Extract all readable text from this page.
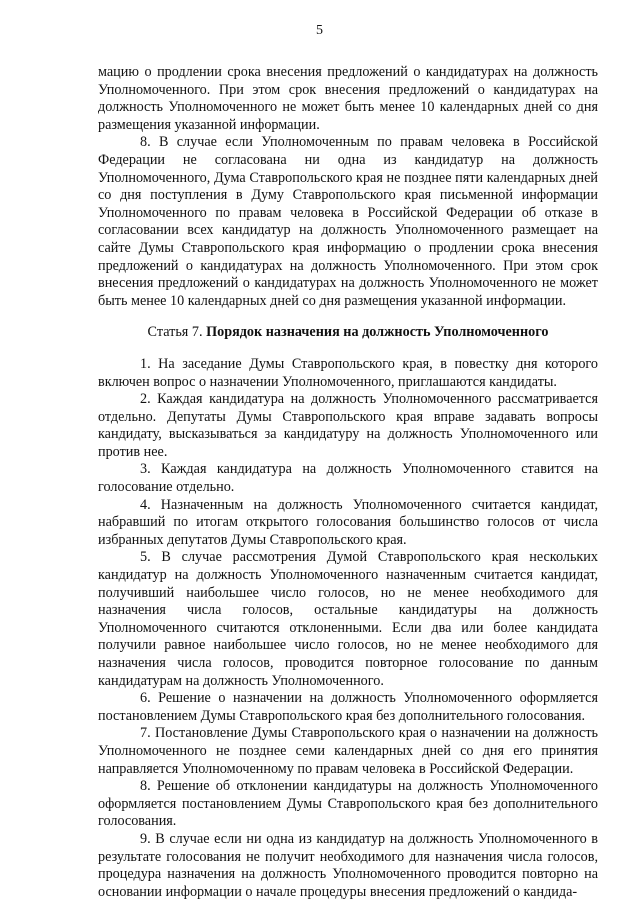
5

мацию о продлении срока внесения предложений о кандидатурах на должность Уполномоченного. При этом срок внесения предложений о кандидатурах на должность Уполномоченного не может быть менее 10 календарных дней со дня размещения указанной информации.

8. В случае если Уполномоченным по правам человека в Российской Федерации не согласована ни одна из кандидатур на должность Уполномоченного, Дума Ставропольского края не позднее пяти календарных дней со дня поступления в Думу Ставропольского края письменной информации Уполномоченного по правам человека в Российской Федерации об отказе в согласовании всех кандидатур на должность Уполномоченного размещает на сайте Думы Ставропольского края информацию о продлении срока внесения предложений о кандидатурах на должность Уполномоченного. При этом срок внесения предложений о кандидатурах на должность Уполномоченного не может быть менее 10 календарных дней со дня размещения указанной информации.

Статья 7. Порядок назначения на должность Уполномоченного

1. На заседание Думы Ставропольского края, в повестку дня которого включен вопрос о назначении Уполномоченного, приглашаются кандидаты.

2. Каждая кандидатура на должность Уполномоченного рассматривается отдельно. Депутаты Думы Ставропольского края вправе задавать вопросы кандидату, высказываться за кандидатуру на должность Уполномоченного или против нее.

3. Каждая кандидатура на должность Уполномоченного ставится на голосование отдельно.

4. Назначенным на должность Уполномоченного считается кандидат, набравший по итогам открытого голосования большинство голосов от числа избранных депутатов Думы Ставропольского края.

5. В случае рассмотрения Думой Ставропольского края нескольких кандидатур на должность Уполномоченного назначенным считается кандидат, получивший наибольшее число голосов, но не менее необходимого для назначения числа голосов, остальные кандидатуры на должность Уполномоченного считаются отклоненными. Если два или более кандидата получили равное наибольшее число голосов, но не менее необходимого для назначения числа голосов, проводится повторное голосование по данным кандидатурам на должность Уполномоченного.

6. Решение о назначении на должность Уполномоченного оформляется постановлением Думы Ставропольского края без дополнительного голосования.

7. Постановление Думы Ставропольского края о назначении на должность Уполномоченного не позднее семи календарных дней со дня его принятия направляется Уполномоченному по правам человека в Российской Федерации.

8. Решение об отклонении кандидатуры на должность Уполномоченного оформляется постановлением Думы Ставропольского края без дополнительного голосования.

9. В случае если ни одна из кандидатур на должность Уполномоченного в результате голосования не получит необходимого для назначения числа голосов, процедура назначения на должность Уполномоченного проводится повторно на основании информации о начале процедуры внесения предложений о кандида-
